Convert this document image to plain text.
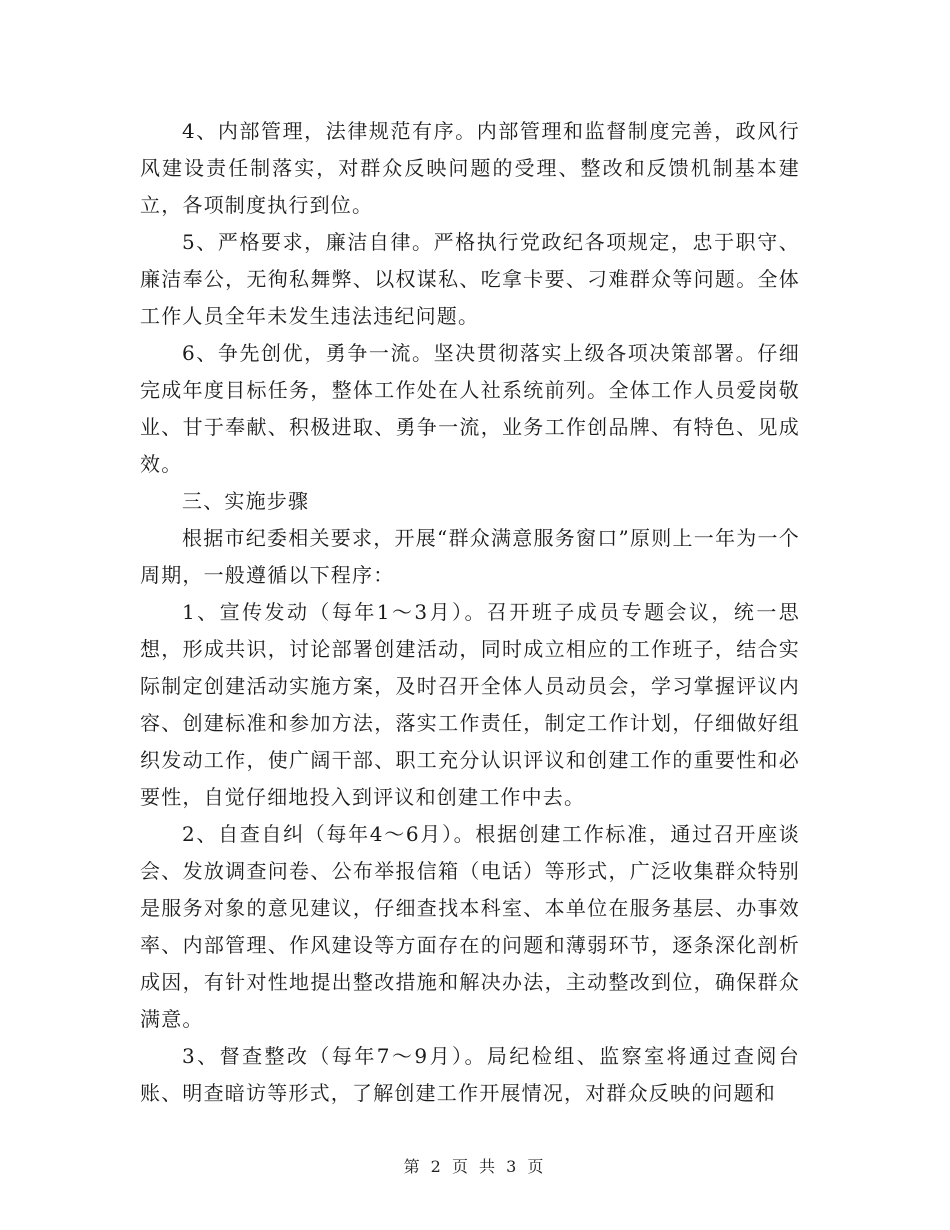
4、内部管理，法律规范有序。内部管理和监督制度完善，政风行风建设责任制落实，对群众反映问题的受理、整改和反馈机制基本建立，各项制度执行到位。

5、严格要求，廉洁自律。严格执行党政纪各项规定，忠于职守、廉洁奉公，无徇私舞弊、以权谋私、吃拿卡要、刁难群众等问题。全体工作人员全年未发生违法违纪问题。

6、争先创优，勇争一流。坚决贯彻落实上级各项决策部署。仔细完成年度目标任务，整体工作处在人社系统前列。全体工作人员爱岗敬业、甘于奉献、积极进取、勇争一流，业务工作创品牌、有特色、见成效。

三、实施步骤

根据市纪委相关要求，开展“群众满意服务窗口”原则上一年为一个周期，一般遵循以下程序：

1、宣传发动（每年1～3月）。召开班子成员专题会议，统一思想，形成共识，讨论部署创建活动，同时成立相应的工作班子，结合实际制定创建活动实施方案，及时召开全体人员动员会，学习掌握评议内容、创建标准和参加方法，落实工作责任，制定工作计划，仔细做好组织发动工作，使广阔干部、职工充分认识评议和创建工作的重要性和必要性，自觉仔细地投入到评议和创建工作中去。

2、自查自纠（每年4～6月）。根据创建工作标准，通过召开座谈会、发放调查问卷、公布举报信箱（电话）等形式，广泛收集群众特别是服务对象的意见建议，仔细查找本科室、本单位在服务基层、办事效率、内部管理、作风建设等方面存在的问题和薄弱环节，逐条深化剖析成因，有针对性地提出整改措施和解决办法，主动整改到位，确保群众满意。

3、督查整改（每年7～9月）。局纪检组、监察室将通过查阅台账、明查暗访等形式，了解创建工作开展情况，对群众反映的问题和

第 2 页 共 3 页
